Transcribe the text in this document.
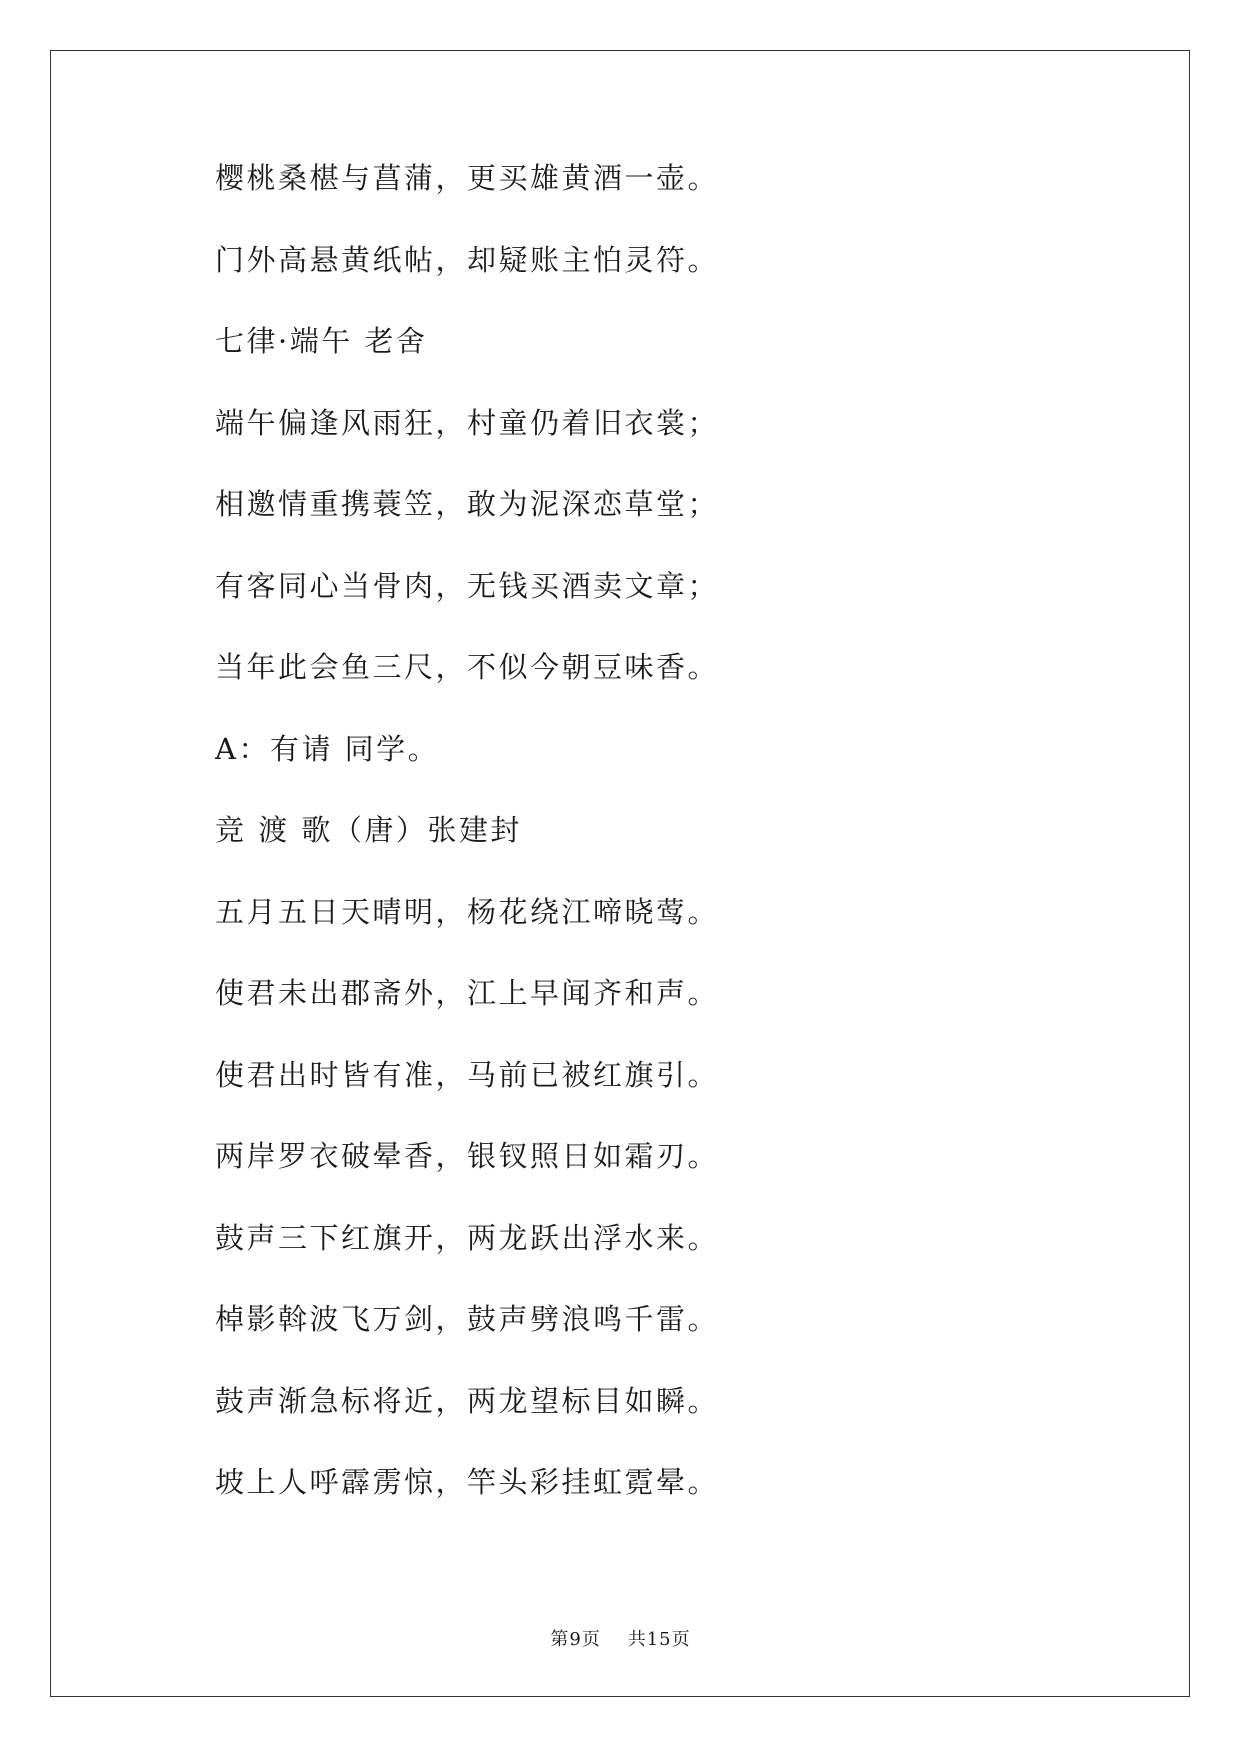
樱桃桑椹与菖蒲，更买雄黄酒一壶。
门外高悬黄纸帖，却疑账主怕灵符。
七律·端午 老舍
端午偏逢风雨狂，村童仍着旧衣裳；
相邀情重携蓑笠，敢为泥深恋草堂；
有客同心当骨肉，无钱买酒卖文章；
当年此会鱼三尺，不似今朝豆味香。
A：有请 同学。
竞 渡 歌（唐）张建封
五月五日天晴明，杨花绕江啼晓莺。
使君未出郡斋外，江上早闻齐和声。
使君出时皆有准，马前已被红旗引。
两岸罗衣破晕香，银钗照日如霜刃。
鼓声三下红旗开，两龙跃出浮水来。
棹影斡波飞万剑，鼓声劈浪鸣千雷。
鼓声渐急标将近，两龙望标目如瞬。
坡上人呼霹雳惊，竿头彩挂虹霓晕。
第9页 共15页
